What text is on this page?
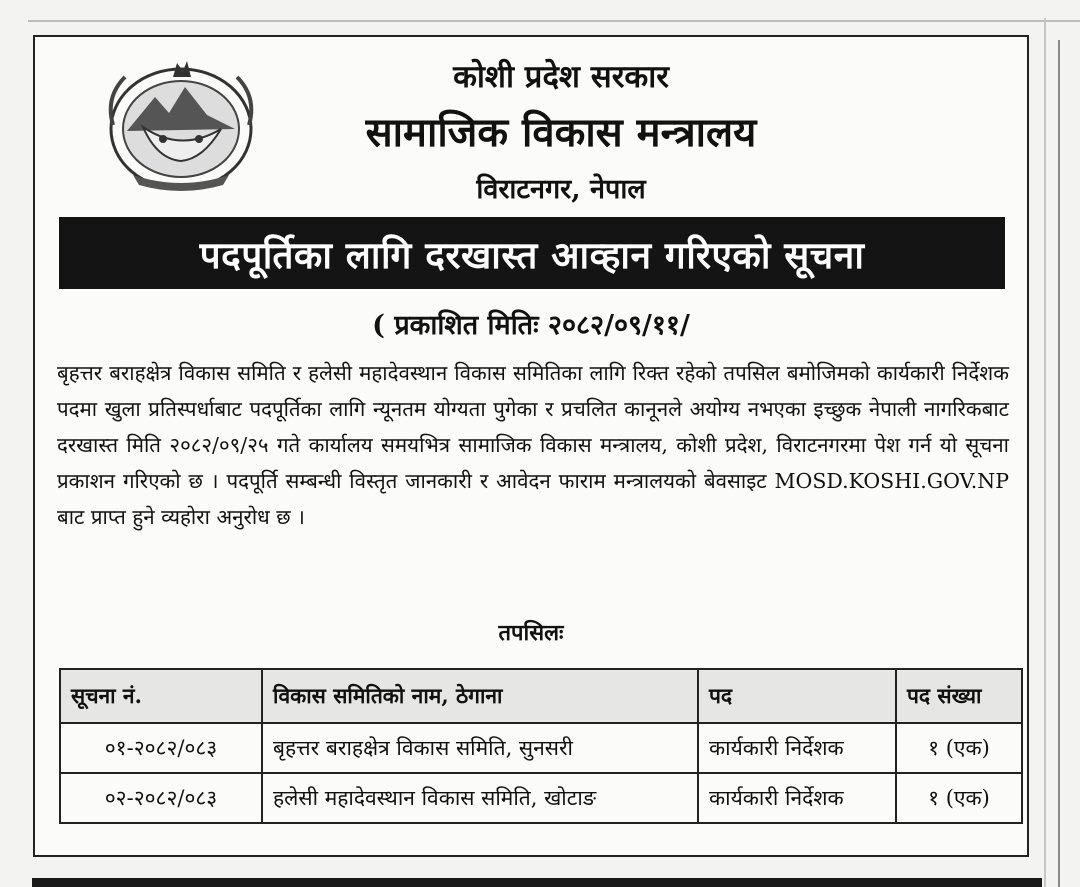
कोशी प्रदेश सरकार
सामाजिक विकास मन्त्रालय
विराटनगर, नेपाल
पदपूर्तिका लागि दरखास्त आव्हान गरिएको सूचना
( प्रकाशित मितिः २०८२/०९/११/
बृहत्तर बराहक्षेत्र विकास समिति र हलेसी महादेवस्थान विकास समितिका लागि रिक्त रहेको तपसिल बमोजिमको कार्यकारी निर्देशक पदमा खुला प्रतिस्पर्धाबाट पदपूर्तिका लागि न्यूनतम योग्यता पुगेका र प्रचलित कानूनले अयोग्य नभएका इच्छुक नेपाली नागरिकबाट दरखास्त मिति २०८२/०९/२५ गते कार्यालय समयभित्र सामाजिक विकास मन्त्रालय, कोशी प्रदेश, विराटनगरमा पेश गर्न यो सूचना प्रकाशन गरिएको छ । पदपूर्ति सम्बन्धी विस्तृत जानकारी र आवेदन फाराम मन्त्रालयको बेवसाइट MOSD.KOSHI.GOV.NP बाट प्राप्त हुने व्यहोरा अनुरोध छ ।
तपसिलः
सूचना नं.	विकास समितिको नाम, ठेगाना	पद	पद संख्या
०१-२०८२/०८३	बृहत्तर बराहक्षेत्र विकास समिति, सुनसरी	कार्यकारी निर्देशक	१ (एक)
०२-२०८२/०८३	हलेसी महादेवस्थान विकास समिति, खोटाङ	कार्यकारी निर्देशक	१ (एक)
